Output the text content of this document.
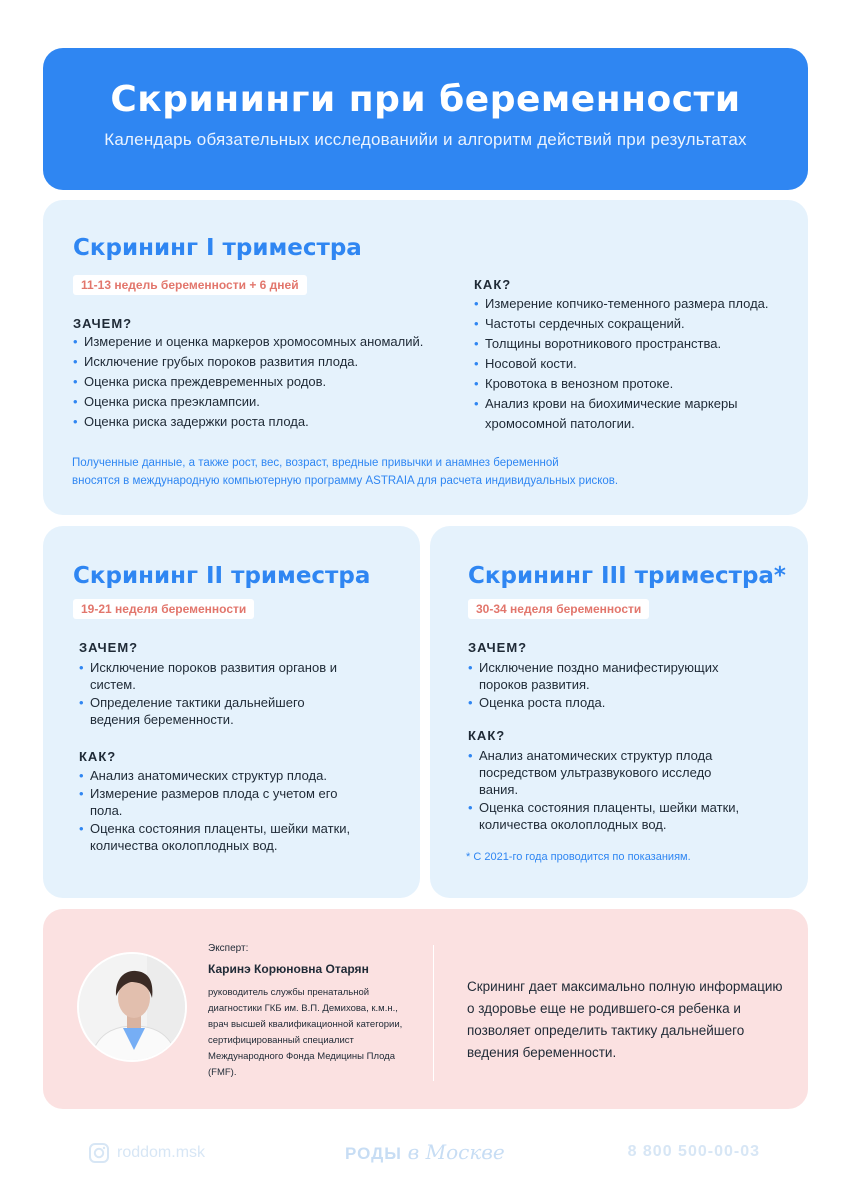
Скрининги при беременности

Календарь обязательных исследованийи и алгоритм действий при результатах

Скрининг I триместра
11-13 недель беременности + 6 дней
ЗАЧЕМ?
• Измерение и оценка маркеров хромосомных аномалий.
• Исключение грубых пороков развития плода.
• Оценка риска преждевременных родов.
• Оценка риска преэклампсии.
• Оценка риска задержки роста плода.
КАК?
• Измерение копчико-теменного размера плода.
• Частоты сердечных сокращений.
• Толщины воротникового пространства.
• Носовой кости.
• Кровотока в венозном протоке.
• Анализ крови на биохимические маркеры хромосомной патологии.
Полученные данные, а также рост, вес, возраст, вредные привычки и анамнез беременной
вносятся в международную компьютерную программу ASTRAIA для расчета индивидуальных рисков.
Скрининг II триместра
19-21 неделя беременности
ЗАЧЕМ?
• Исключение пороков развития органов и систем.
• Определение тактики дальнейшего ведения беременности.
КАК?
• Анализ анатомических структур плода.
• Измерение размеров плода с учетом его пола.
• Оценка состояния плаценты, шейки матки, количества околоплодных вод.
Скрининг III триместра*
30-34 неделя беременности
ЗАЧЕМ?
• Исключение поздно манифестирующих пороков развития.
• Оценка роста плода.
КАК?
• Анализ анатомических структур плода посредством ультразвукового исследо вания.
• Оценка состояния плаценты, шейки матки, количества околоплодных вод.
* С 2021-го года проводится по показаниям.
Эксперт:
Каринэ Корюновна Отарян
руководитель службы пренатальной диагностики ГКБ им. В.П. Демихова, к.м.н., врач высшей квалификационной категории, сертифицированный специалист Международного Фонда Медицины Плода (FMF).
Скрининг дает максимально полную информацию о здоровье еще не родившего-ся ребенка и позволяет определить тактику дальнейшего ведения беременности.
roddom.msk	РОДЫ в Москве	8 800 500-00-03
